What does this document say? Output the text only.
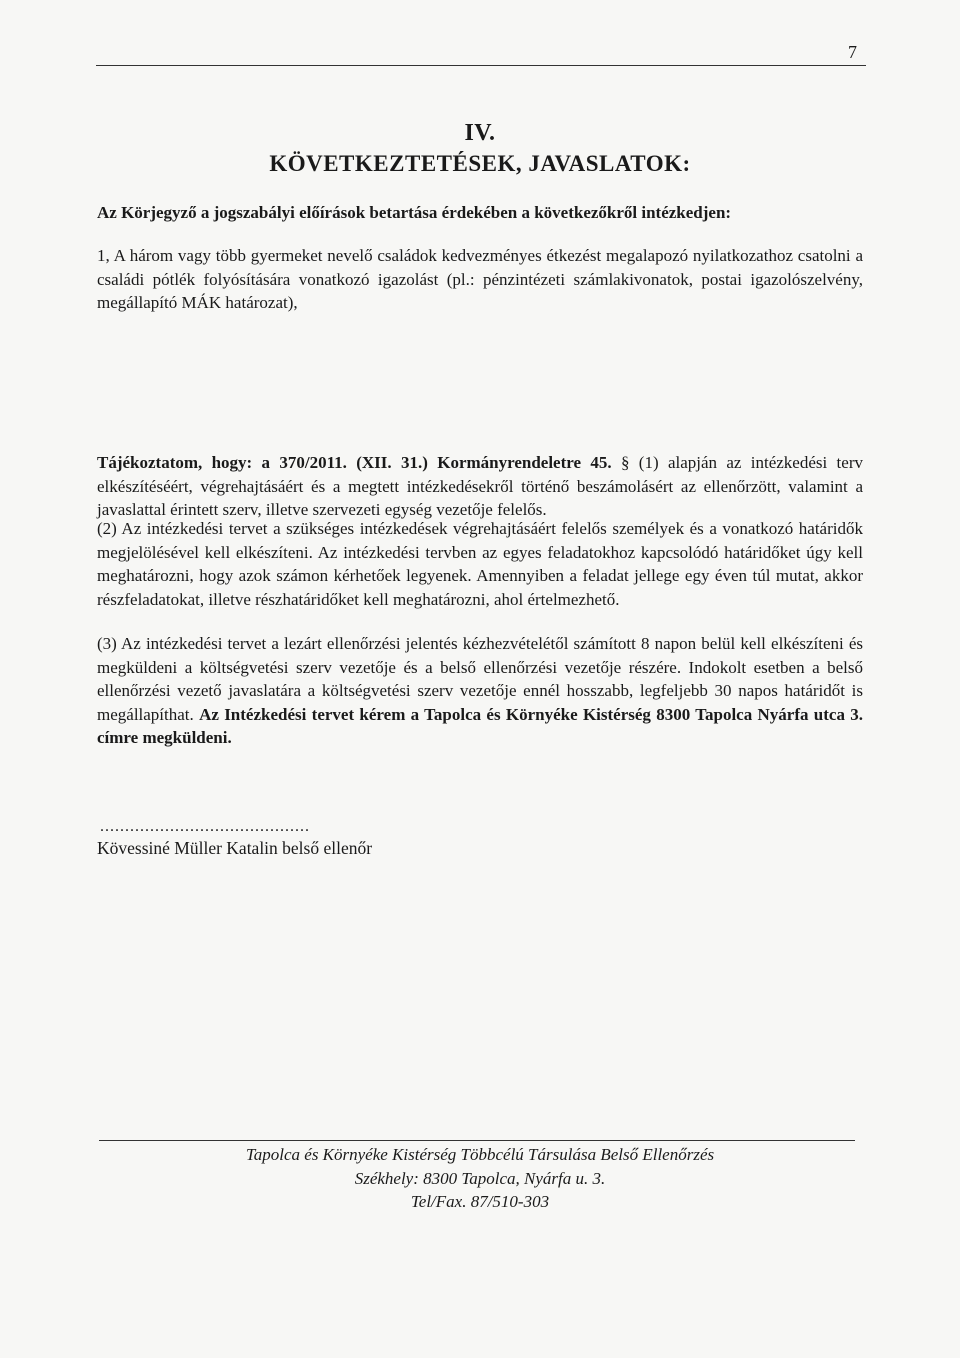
7
IV.
KÖVETKEZTETÉSEK, JAVASLATOK:
Az Körjegyző a jogszabályi előírások betartása érdekében a következőkről intézkedjen:
1, A három vagy több gyermeket nevelő családok kedvezményes étkezést megalapozó nyilatkozathoz csatolni a családi pótlék folyósítására vonatkozó igazolást (pl.: pénzintézeti számlakivonatok, postai igazolószelvény, megállapító MÁK határozat),
Tájékoztatom, hogy: a 370/2011. (XII. 31.) Kormányrendeletre 45. § (1) alapján az intézkedési terv elkészítéséért, végrehajtásáért és a megtett intézkedésekről történő beszámolásért az ellenőrzött, valamint a javaslattal érintett szerv, illetve szervezeti egység vezetője felelős.
(2) Az intézkedési tervet a szükséges intézkedések végrehajtásáért felelős személyek és a vonatkozó határidők megjelölésével kell elkészíteni. Az intézkedési tervben az egyes feladatokhoz kapcsolódó határidőket úgy kell meghatározni, hogy azok számon kérhetőek legyenek. Amennyiben a feladat jellege egy éven túl mutat, akkor részfeladatokat, illetve részhatáridőket kell meghatározni, ahol értelmezhető.
(3) Az intézkedési tervet a lezárt ellenőrzési jelentés kézhezvételétől számított 8 napon belül kell elkészíteni és megküldeni a költségvetési szerv vezetője és a belső ellenőrzési vezetője részére. Indokolt esetben a belső ellenőrzési vezető javaslatára a költségvetési szerv vezetője ennél hosszabb, legfeljebb 30 napos határidőt is megállapíthat. Az Intézkedési tervet kérem a Tapolca és Környéke Kistérség 8300 Tapolca Nyárfa utca 3. címre megküldeni.
..........................................
Kövessiné Müller Katalin belső ellenőr
Tapolca és Környéke Kistérség Többcélú Társulása Belső Ellenőrzés
Székhely: 8300 Tapolca, Nyárfa u. 3.
Tel/Fax. 87/510-303
